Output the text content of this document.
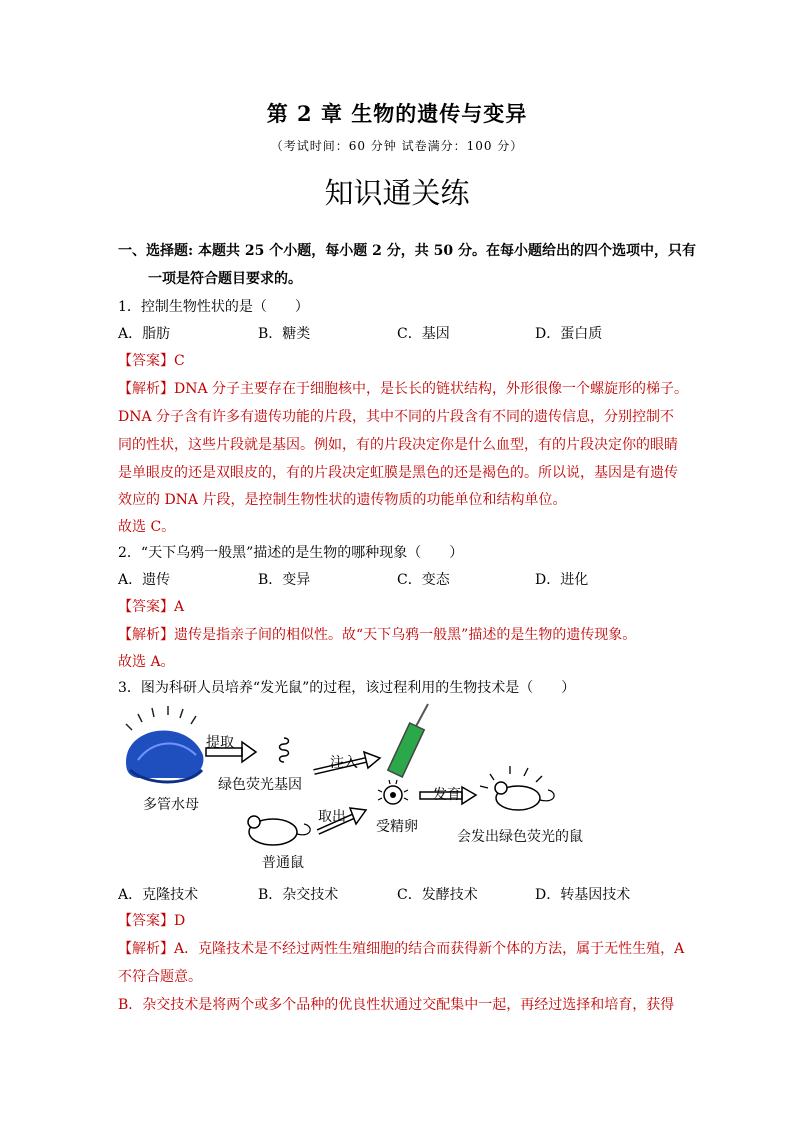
第 2 章 生物的遗传与变异
（考试时间：60 分钟 试卷满分：100 分）
知识通关练
一、选择题: 本题共 25 个小题，每小题 2 分，共 50 分。在每小题给出的四个选项中，只有
一项是符合题目要求的。
1．控制生物性状的是（　　）
A．脂肪	B．糖类	C．基因	D．蛋白质
【答案】C
【解析】DNA 分子主要存在于细胞核中，是长长的链状结构，外形很像一个螺旋形的梯子。
DNA 分子含有许多有遗传功能的片段，其中不同的片段含有不同的遗传信息，分别控制不
同的性状，这些片段就是基因。例如，有的片段决定你是什么血型，有的片段决定你的眼睛
是单眼皮的还是双眼皮的，有的片段决定虹膜是黑色的还是褐色的。所以说，基因是有遗传
效应的 DNA 片段，是控制生物性状的遗传物质的功能单位和结构单位。
故选 C。
2．“天下乌鸦一般黑”描述的是生物的哪种现象（　　）
A．遗传	B．变异	C．变态	D．进化
【答案】A
【解析】遗传是指亲子间的相似性。故“天下乌鸦一般黑”描述的是生物的遗传现象。
故选 A。
3．图为科研人员培养“发光鼠”的过程，该过程利用的生物技术是（　　）
提取
绿色荧光基因
多管水母
注入
取出
受精卵
发育
会发出绿色荧光的鼠
普通鼠
A．克隆技术	B．杂交技术	C．发酵技术	D．转基因技术
【答案】D
【解析】A．克隆技术是不经过两性生殖细胞的结合而获得新个体的方法，属于无性生殖，A
不符合题意。
B．杂交技术是将两个或多个品种的优良性状通过交配集中一起，再经过选择和培育，获得
